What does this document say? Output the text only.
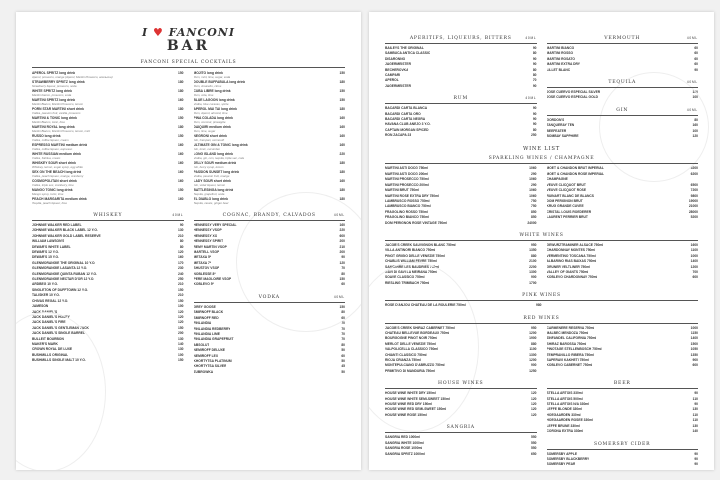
I ♥ FANCONI
BAR
FANCONI SPECIAL COCKTAILS
APEROL SPRITZ long drink	150
Aperol, prosecco, orange (Aperol, Martini Prosecco, апельсин)
STRAWBERRY SPRITZ long drink	180
Strawberry liqueur, prosecco, soda
WHITE SPRITZ long drink	180
Martini bianco, prosecco, soda
MARTINI SPRITZ long drink	160
Martini Bianco, Martini Prosecco, lemon
PORN STAR MARTINI short drink	180
Vodka, passion fruit, vanilla, prosecco
MARTINI & TONIC long drink	150
Martini Bianco, tonic, lime
MARTINI ROYAL long drink	180
Martini Bianco, Martini Prosecco, lemon, mint
RUSSO long drink	150
Vodka, coffee liqueur, cream
ESPRESSO MARTINI medium drink	160
Vodka, coffee liqueur, espresso
WHITE RUSSIAN medium drink	160
Vodka, Kahlua, cream
WHISKEY SOUR short drink	160
Whiskey, lemon, sugar syrup, egg white
SEX ON THE BEACH long drink	160
Vodka, peach liqueur, orange, cranberry
COSMOPOLITAN short drink	160
Vodka, triple sec, cranberry, lime
MANGO TONIC long drink	150
Mango syrup, tonic, lime
PEACH MARGARITA medium drink	160
Tequila, peach liqueur, lime
MOJITO long drink	150
Rum, mint, lime, sugar, soda
DOUBLE BUFFABULA long drink	180
Rum, Amaretto, citrus
CUBA LIBRE long drink	150
Rum, cola, lime
BLUE LAGOON long drink	150
Vodka, blue curacao, sprite
APEROL MAI TAI long drink	180
Rum, Aperol, almond, lime
PINA COLADA long drink	160
Rum, coconut, pineapple
DAIQUIRI medium drink	160
Rum, lime, sugar
NEGRONI short drink	160
Gin, Campari, vermouth
ULTIMATE GIN & TONIC long drink	160
Gin, tonic, cucumber
LONG ISLAND long drink	220
Vodka, gin, rum, tequila, triple sec, cola
JELLY SOUR medium drink	180
Gin, berry syrup, lemon
PASSION SUNSET long drink	180
Vodka, passion fruit, orange
LADY SOUR short drink	160
Gin, violet liqueur, lemon
BATTLESINGA long drink	180
Tequila, grapefruit, soda
EL DIABLO long drink	180
Tequila, cassis, ginger beer
WHISKEY	40ML
JOHNNIE WALKER RED LABEL	90
JOHNNIE WALKER BLACK LABEL 12 Y.O.	130
JOHNNIE WALKER GOLD LABEL RESERVE	210
WILLIAM LAWSON'S	80
DEWAR'S WHITE LABEL	80
DEWAR'S 12 Y.O.	120
DEWAR'S 15 Y.O.	160
GLENMORANGIE THE ORIGINAL 10 Y.O.	170
GLENMORANGIE LASANTA 12 Y.O.	230
GLENMORANGIE QUINTA RUBAN 12 Y.O.	240
GLENMORANGIE NECTAR D'OR 12 Y.O.	250
ARDBEG 10 Y.O.	210
SINGLETON OF DUFFTOWN 12 Y.O.	150
TALISKER 10 Y.O.	210
CHIVAS REGAL 12 Y.O.	150
JAMESON	100
JACK DANIEL'S	120
JACK DANIEL'S HONEY	120
JACK DANIEL'S FIRE	120
JACK DANIEL'S GENTLEMAN JACK	150
JACK DANIEL'S SINGLE BARREL	200
BULLEIT BOURBON	130
MAKER'S MARK	140
CROWN ROYAL DE LUXE	130
BUSHMILLS ORIGINAL	100
BUSHMILLS SINGLE MALT 10 Y.O.	150
COGNAC, BRANDY, CALVADOS	40ML
HENNESSY VERY SPECIAL	160
HENNESSY VSOP	220
HENNESSY XO	600
HENNESSY SPIRIT	200
REMY MARTIN VSOP	210
MARTELL VSOP	200
METAXA 5*	90
METAXA 7*	120
SHUSTOV VSOP	70
NOBLESSE 8*	80
PERE MAGLOIRE VSOP	150
KOBLEVO 5*	60
VODKA	40ML
GREY GOOSE	150
SMIRNOFF BLACK	80
SMIRNOFF RED	60
FINLANDIA	70
FINLANDIA REDBERRY	70
FINLANDIA LIME	70
FINLANDIA GRAPEFRUIT	70
ABSOLUT	80
NEMIROFF DELUXE	50
NEMIROFF LEX	60
KHORTYTSA PLATINUM	50
KHORTYTSA SILVER	45
ZUBROWKA	50
APERITIFS, LIQUEURS, BITTERS	40ML
BAILEYS THE ORIGINAL	90
SAMBUCA ANTICA CLASSIC	80
DISARONNO	90
JAGERMEISTER	90
BECHEROVKA	80
CAMPARI	80
APEROL	70
JAGERMEISTER	90
RUM	40ML
BACARDI CARTA BLANCA	90
BACARDI CARTA ORO	90
BACARDI CARTA NEGRA	90
HAVANA CLUB ANEJO 3 Y.O.	90
CAPTAIN MORGAN SPICED	80
RON ZACAPA 23	250
VERMOUTH	40ML
MARTINI BIANCO	60
MARTINI ROSSO	60
MARTINI ROSATO	60
MARTINI EXTRA DRY	60
LILLET BLANC	90
TEQUILA	40ML
JOSE CUERVO ESPECIAL SILVER	100
JOSE CUERVO ESPECIAL GOLD	100
GIN	40ML
GORDON'S	80
TANQUERAY TEN	160
BEEFEATER	100
BOMBAY SAPPHIRE	120
WINE LIST
SPARKLING WINES / CHAMPAGNE
MARTINI ASTI DOCG 750ml	1060
MARTINI ASTI DOCG 200ml	290
MARTINI PROSECCO 750ml	1060
MARTINI PROSECCO 200ml	290
MARTINI BRUT 750ml	1060
MARTINI ROSE EXTRA DRY 750ml	1060
LAMBRUSCO ROSSO 750ml	750
LAMBRUSCO BIANCO 750ml	750
FRAGOLINO ROSSO 750ml	850
FRAGOLINO BIANCO 750ml	850
DOM PERIGNON ROSE VINTAGE 750ml	24000
MOET & CHANDON BRUT IMPERIAL	5200
MOET & CHANDON ROSE IMPERIAL	6200
CHAMPAGNE
VEUVE CLICQUOT BRUT	6500
VEUVE CLICQUOT ROSE	7200
RUINART BLANC DE BLANCS	9800
DOM PERIGNON BRUT	19000
KRUG GRANDE CUVEE	21000
CRISTAL LOUIS ROEDERER	28000
LAURENT PERRIER BRUT	5200
WHITE WINES
JACOB'S CREEK SAUVIGNON BLANC 750ml	950
VILLA ANTINORI BIANCO 750ml	1350
PINOT GRIGIO DELLE VENEZIE 750ml	880
CHABLIS WILLIAM FEVRE 750ml	2100
SANCERRE LES BAUDRIES 750ml	2200
GAVI DI GAVI LA MEIRANA 750ml	1300
SOAVE CLASSICO 750ml	900
RIESLING TRIMBACH 750ml	1700
GEWURZTRAMINER ALSACE 750ml	1600
CHARDONNAY MONTES 750ml	1100
VERMENTINO TOSCANA 750ml	1000
ALBARINO RIAS BAIXAS 750ml	1400
GRUNER VELTLINER 750ml	1200
VALLEY OF GIANTS 750ml	700
KOBLEVO CHARDONNAY 750ml	600
PINK WINES
ROSE D'ANJOU CHATEAU DE LA ROULERIE 750ml	980
RED WINES
JACOB'S CREEK SHIRAZ CABERNET 750ml	950
CHATEAU BELLEVUE BORDEAUX 750ml	1200
BOURGOGNE PINOT NOIR 750ml	1900
MERLOT DELLE VENEZIE 750ml	880
VALPOLICELLA CLASSICO 750ml	1100
CHIANTI CLASSICO 750ml	1300
RIOJA CRIANZA 750ml	1200
MONTEPULCIANO D'ABRUZZO 750ml	900
PRIMITIVO DI MANDURIA 750ml	1250
CARMENERE RESERVA 750ml	1000
MALBEC MENDOZA 750ml	1150
ZINFANDEL CALIFORNIA 750ml	1400
SHIRAZ BAROSSA 750ml	1500
PINOTAGE STELLENBOSCH 750ml	1050
TEMPRANILLO RIBERA 750ml	1350
SAPERAVI KAKHETI 750ml	900
KOBLEVO CABERNET 750ml	600
HOUSE WINES
HOUSE WINE WHITE DRY 150ml	120
HOUSE WINE WHITE SEMI-SWEET 150ml	120
HOUSE WINE RED DRY 150ml	120
HOUSE WINE RED SEMI-SWEET 150ml	120
HOUSE WINE ROSE 150ml	120
SANGRIA
SANGRIA RED 1000ml	550
SANGRIA WHITE 1000ml	550
SANGRIA ROSE 1000ml	550
SANGRIA SPRITZ 1000ml	650
BEER
STELLA ARTOIS 330ml	90
STELLA ARTOIS 500ml	110
STELLA ARTOIS N/A 330ml	90
LEFFE BLONDE 330ml	130
HOEGAARDEN 330ml	110
HOEGAARDEN ROSEE 330ml	110
LEFFE BRUNE 330ml	130
CORONA EXTRA 330ml	140
SOMERSBY CIDER
SOMERSBY APPLE	90
SOMERSBY BLACKBERRY	90
SOMERSBY PEAR	90
